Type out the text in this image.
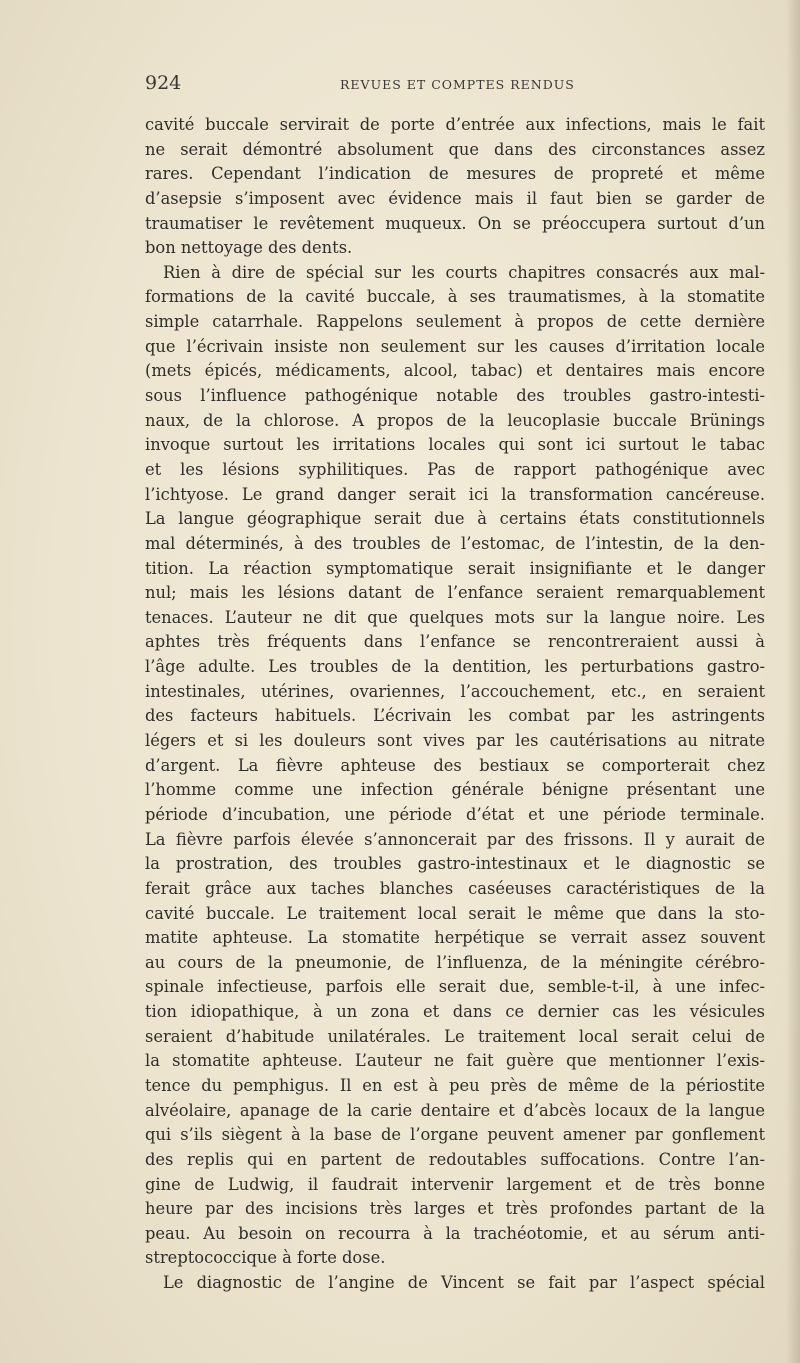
924	REVUES ET COMPTES RENDUS
cavité buccale servirait de porte d’entrée aux infections, mais le fait
ne serait démontré absolument que dans des circonstances assez
rares. Cependant l’indication de mesures de propreté et même
d’asepsie s’imposent avec évidence mais il faut bien se garder de
traumatiser le revêtement muqueux. On se préoccupera surtout d’un
bon nettoyage des dents.
Rien à dire de spécial sur les courts chapitres consacrés aux mal-
formations de la cavité buccale, à ses traumatismes, à la stomatite
simple catarrhale. Rappelons seulement à propos de cette dernière
que l’écrivain insiste non seulement sur les causes d’irritation locale
(mets épicés, médicaments, alcool, tabac) et dentaires mais encore
sous l’influence pathogénique notable des troubles gastro-intesti-
naux, de la chlorose. A propos de la leucoplasie buccale Brünings
invoque surtout les irritations locales qui sont ici surtout le tabac
et les lésions syphilitiques. Pas de rapport pathogénique avec
l’ichtyose. Le grand danger serait ici la transformation cancéreuse.
La langue géographique serait due à certains états constitutionnels
mal déterminés, à des troubles de l’estomac, de l’intestin, de la den-
tition. La réaction symptomatique serait insignifiante et le danger
nul; mais les lésions datant de l’enfance seraient remarquablement
tenaces. L’auteur ne dit que quelques mots sur la langue noire. Les
aphtes très fréquents dans l’enfance se rencontreraient aussi à
l’âge adulte. Les troubles de la dentition, les perturbations gastro-
intestinales, utérines, ovariennes, l’accouchement, etc., en seraient
des facteurs habituels. L’écrivain les combat par les astringents
légers et si les douleurs sont vives par les cautérisations au nitrate
d’argent. La fièvre aphteuse des bestiaux se comporterait chez
l’homme comme une infection générale bénigne présentant une
période d’incubation, une période d’état et une période terminale.
La fièvre parfois élevée s’annoncerait par des frissons. Il y aurait de
la prostration, des troubles gastro-intestinaux et le diagnostic se
ferait grâce aux taches blanches caséeuses caractéristiques de la
cavité buccale. Le traitement local serait le même que dans la sto-
matite aphteuse. La stomatite herpétique se verrait assez souvent
au cours de la pneumonie, de l’influenza, de la méningite cérébro-
spinale infectieuse, parfois elle serait due, semble-t-il, à une infec-
tion idiopathique, à un zona et dans ce dernier cas les vésicules
seraient d’habitude unilatérales. Le traitement local serait celui de
la stomatite aphteuse. L’auteur ne fait guère que mentionner l’exis-
tence du pemphigus. Il en est à peu près de même de la périostite
alvéolaire, apanage de la carie dentaire et d’abcès locaux de la langue
qui s’ils siègent à la base de l’organe peuvent amener par gonflement
des replis qui en partent de redoutables suffocations. Contre l’an-
gine de Ludwig, il faudrait intervenir largement et de très bonne
heure par des incisions très larges et très profondes partant de la
peau. Au besoin on recourra à la trachéotomie, et au sérum anti-
streptococcique à forte dose.
Le diagnostic de l’angine de Vincent se fait par l’aspect spécial
